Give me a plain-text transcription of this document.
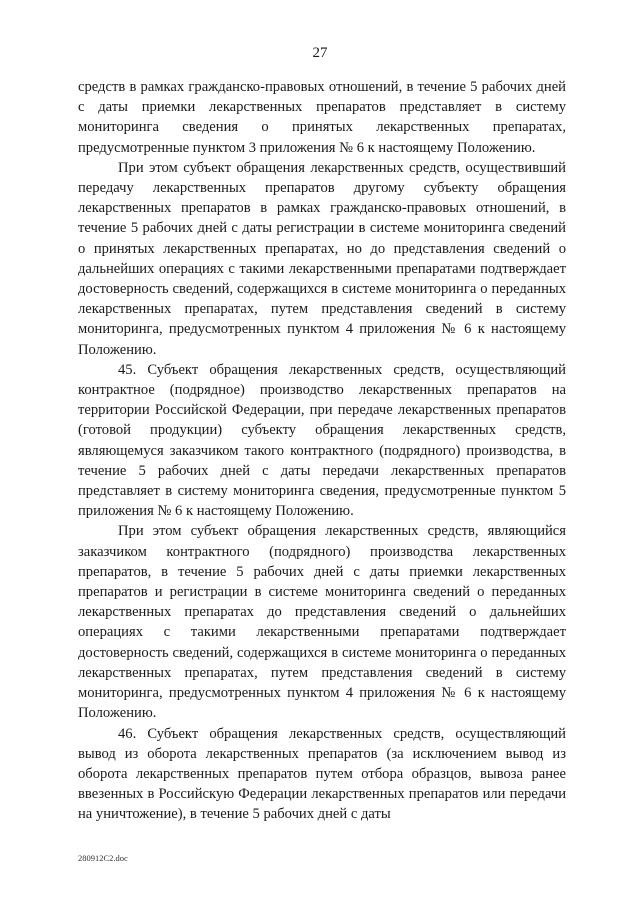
27

средств в рамках гражданско-правовых отношений, в течение 5 рабочих дней с даты приемки лекарственных препаратов представляет в систему мониторинга сведения о принятых лекарственных препаратах, предусмотренные пунктом 3 приложения № 6 к настоящему Положению.

При этом субъект обращения лекарственных средств, осуществивший передачу лекарственных препаратов другому субъекту обращения лекарственных препаратов в рамках гражданско-правовых отношений, в течение 5 рабочих дней с даты регистрации в системе мониторинга сведений о принятых лекарственных препаратах, но до представления сведений о дальнейших операциях с такими лекарственными препаратами подтверждает достоверность сведений, содержащихся в системе мониторинга о переданных лекарственных препаратах, путем представления сведений в систему мониторинга, предусмотренных пунктом 4 приложения № 6 к настоящему Положению.

45. Субъект обращения лекарственных средств, осуществляющий контрактное (подрядное) производство лекарственных препаратов на территории Российской Федерации, при передаче лекарственных препаратов (готовой продукции) субъекту обращения лекарственных средств, являющемуся заказчиком такого контрактного (подрядного) производства, в течение 5 рабочих дней с даты передачи лекарственных препаратов представляет в систему мониторинга сведения, предусмотренные пунктом 5 приложения № 6 к настоящему Положению.

При этом субъект обращения лекарственных средств, являющийся заказчиком контрактного (подрядного) производства лекарственных препаратов, в течение 5 рабочих дней с даты приемки лекарственных препаратов и регистрации в системе мониторинга сведений о переданных лекарственных препаратах до представления сведений о дальнейших операциях с такими лекарственными препаратами подтверждает достоверность сведений, содержащихся в системе мониторинга о переданных лекарственных препаратах, путем представления сведений в систему мониторинга, предусмотренных пунктом 4 приложения № 6 к настоящему Положению.

46. Субъект обращения лекарственных средств, осуществляющий вывод из оборота лекарственных препаратов (за исключением вывод из оборота лекарственных препаратов путем отбора образцов, вывоза ранее ввезенных в Российскую Федерации лекарственных препаратов или передачи на уничтожение), в течение 5 рабочих дней с даты

280912C2.doc
